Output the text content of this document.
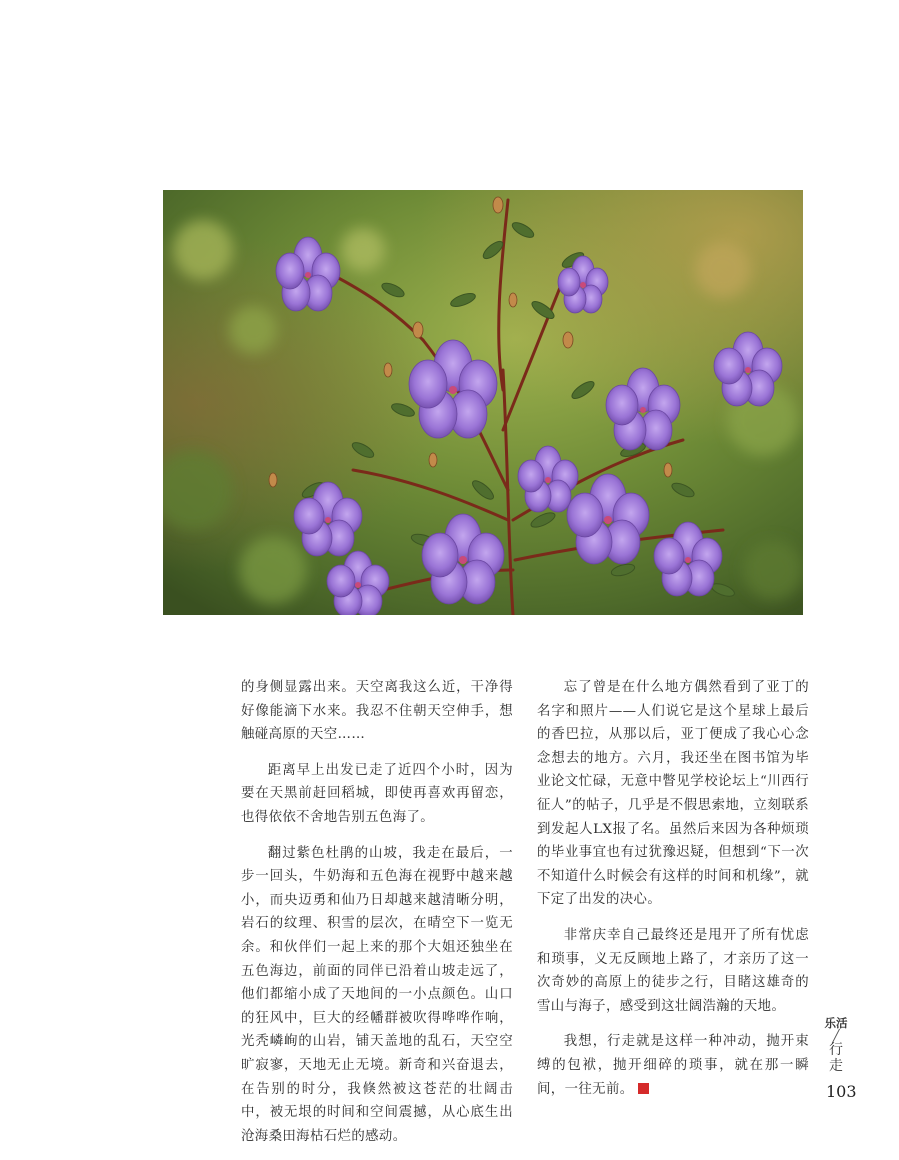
的身侧显露出来。天空离我这么近，干净得好像能滴下水来。我忍不住朝天空伸手，想触碰高原的天空……

距离早上出发已走了近四个小时，因为要在天黑前赶回稻城，即使再喜欢再留恋，也得依依不舍地告别五色海了。

翻过紫色杜鹃的山坡，我走在最后，一步一回头，牛奶海和五色海在视野中越来越小，而央迈勇和仙乃日却越来越清晰分明，岩石的纹理、积雪的层次，在晴空下一览无余。和伙伴们一起上来的那个大姐还独坐在五色海边，前面的同伴已沿着山坡走远了，他们都缩小成了天地间的一小点颜色。山口的狂风中，巨大的经幡群被吹得哗哗作响，光秃嶙峋的山岩，铺天盖地的乱石，天空空旷寂寥，天地无止无境。新奇和兴奋退去，在告别的时分，我倏然被这苍茫的壮阔击中，被无垠的时间和空间震撼，从心底生出沧海桑田海枯石烂的感动。

忘了曾是在什么地方偶然看到了亚丁的名字和照片——人们说它是这个星球上最后的香巴拉，从那以后，亚丁便成了我心心念念想去的地方。六月，我还坐在图书馆为毕业论文忙碌，无意中瞥见学校论坛上“川西行征人”的帖子，几乎是不假思索地，立刻联系到发起人LX报了名。虽然后来因为各种烦琐的毕业事宜也有过犹豫迟疑，但想到“下一次不知道什么时候会有这样的时间和机缘”，就下定了出发的决心。

非常庆幸自己最终还是甩开了所有忧虑和琐事，义无反顾地上路了，才亲历了这一次奇妙的高原上的徒步之行，目睹这雄奇的雪山与海子，感受到这壮阔浩瀚的天地。

我想，行走就是这样一种冲动，抛开束缚的包袱，抛开细碎的琐事，就在那一瞬间，一往无前。

乐活
╱
行走
103
